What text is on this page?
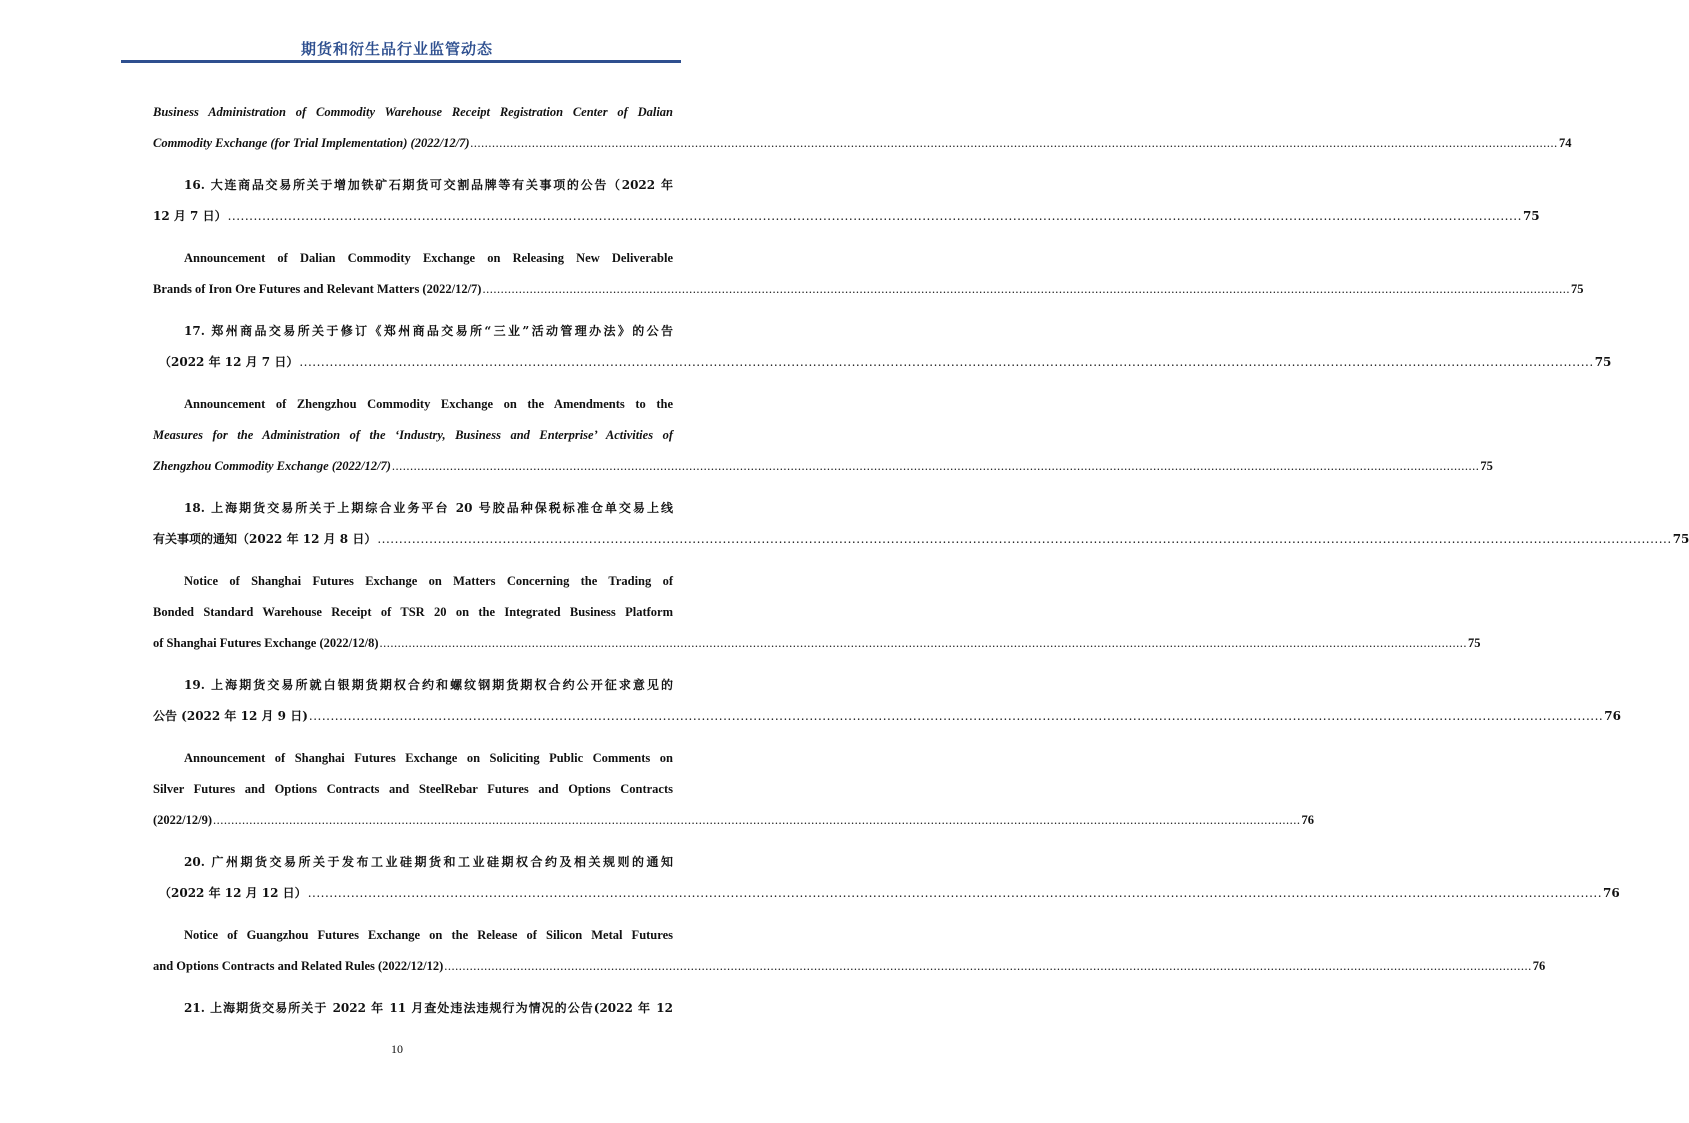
期货和衍生品行业监管动态
Business Administration of Commodity Warehouse Receipt Registration Center of Dalian
Commodity Exchange (for Trial Implementation) (2022/12/7) ............................................................................................................................................................................................................................................................................................................ 74
16. 大连商品交易所关于增加铁矿石期货可交割品牌等有关事项的公告（2022 年
12 月 7 日） ............................................................................................................................................................................................................................................................................................................ 75
Announcement of Dalian Commodity Exchange on Releasing New Deliverable
Brands of Iron Ore Futures and Relevant Matters (2022/12/7) ............................................................................................................................................................................................................................................................................................................ 75
17. 郑州商品交易所关于修订《郑州商品交易所“三业”活动管理办法》的公告
（2022 年 12 月 7 日） ............................................................................................................................................................................................................................................................................................................ 75
Announcement of Zhengzhou Commodity Exchange on the Amendments to the
Measures for the Administration of the ‘Industry, Business and Enterprise’ Activities of
Zhengzhou Commodity Exchange (2022/12/7) ............................................................................................................................................................................................................................................................................................................ 75
18. 上海期货交易所关于上期综合业务平台 20 号胶品种保税标准仓单交易上线
有关事项的通知（2022 年 12 月 8 日） ............................................................................................................................................................................................................................................................................................................ 75
Notice of Shanghai Futures Exchange on Matters Concerning the Trading of
Bonded Standard Warehouse Receipt of TSR 20 on the Integrated Business Platform
of Shanghai Futures Exchange (2022/12/8) ............................................................................................................................................................................................................................................................................................................ 75
19. 上海期货交易所就白银期货期权合约和螺纹钢期货期权合约公开征求意见的
公告 (2022 年 12 月 9 日) ............................................................................................................................................................................................................................................................................................................ 76
Announcement of Shanghai Futures Exchange on Soliciting Public Comments on
Silver Futures and Options Contracts and SteelRebar Futures and Options Contracts
(2022/12/9) ............................................................................................................................................................................................................................................................................................................ 76
20. 广州期货交易所关于发布工业硅期货和工业硅期权合约及相关规则的通知
（2022 年 12 月 12 日） ............................................................................................................................................................................................................................................................................................................ 76
Notice of Guangzhou Futures Exchange on the Release of Silicon Metal Futures
and Options Contracts and Related Rules (2022/12/12) ............................................................................................................................................................................................................................................................................................................ 76
21. 上海期货交易所关于 2022 年 11 月查处违法违规行为情况的公告(2022 年 12
10
